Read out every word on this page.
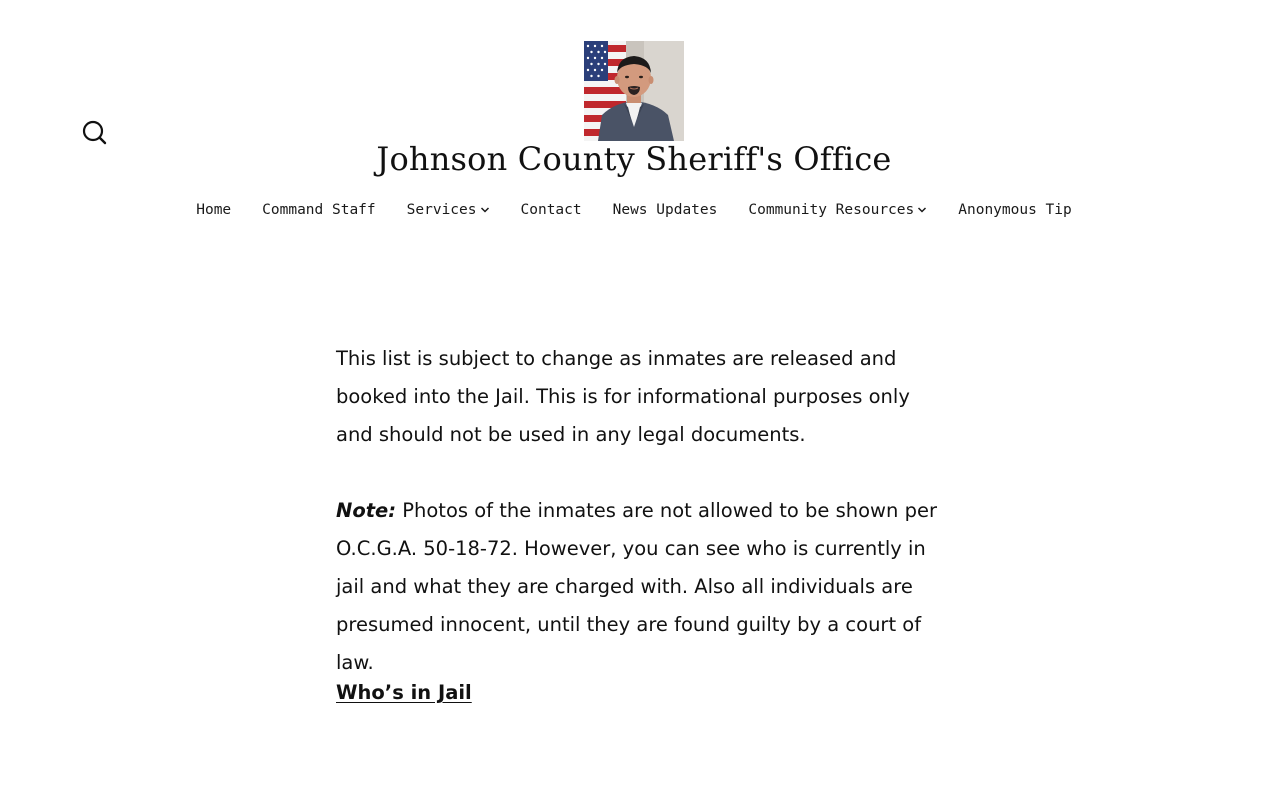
Johnson County Sheriff's Office
Home Command Staff Services	Contact News Updates Community Resources	Anonymous Tip

This list is subject to change as inmates are released and booked into the Jail. This is for informational purposes only and should not be used in any legal documents.

Note: Photos of the inmates are not allowed to be shown per O.C.G.A. 50-18-72. However, you can see who is currently in jail and what they are charged with. Also all individuals are presumed innocent, until they are found guilty by a court of law.

Who’s in Jail
